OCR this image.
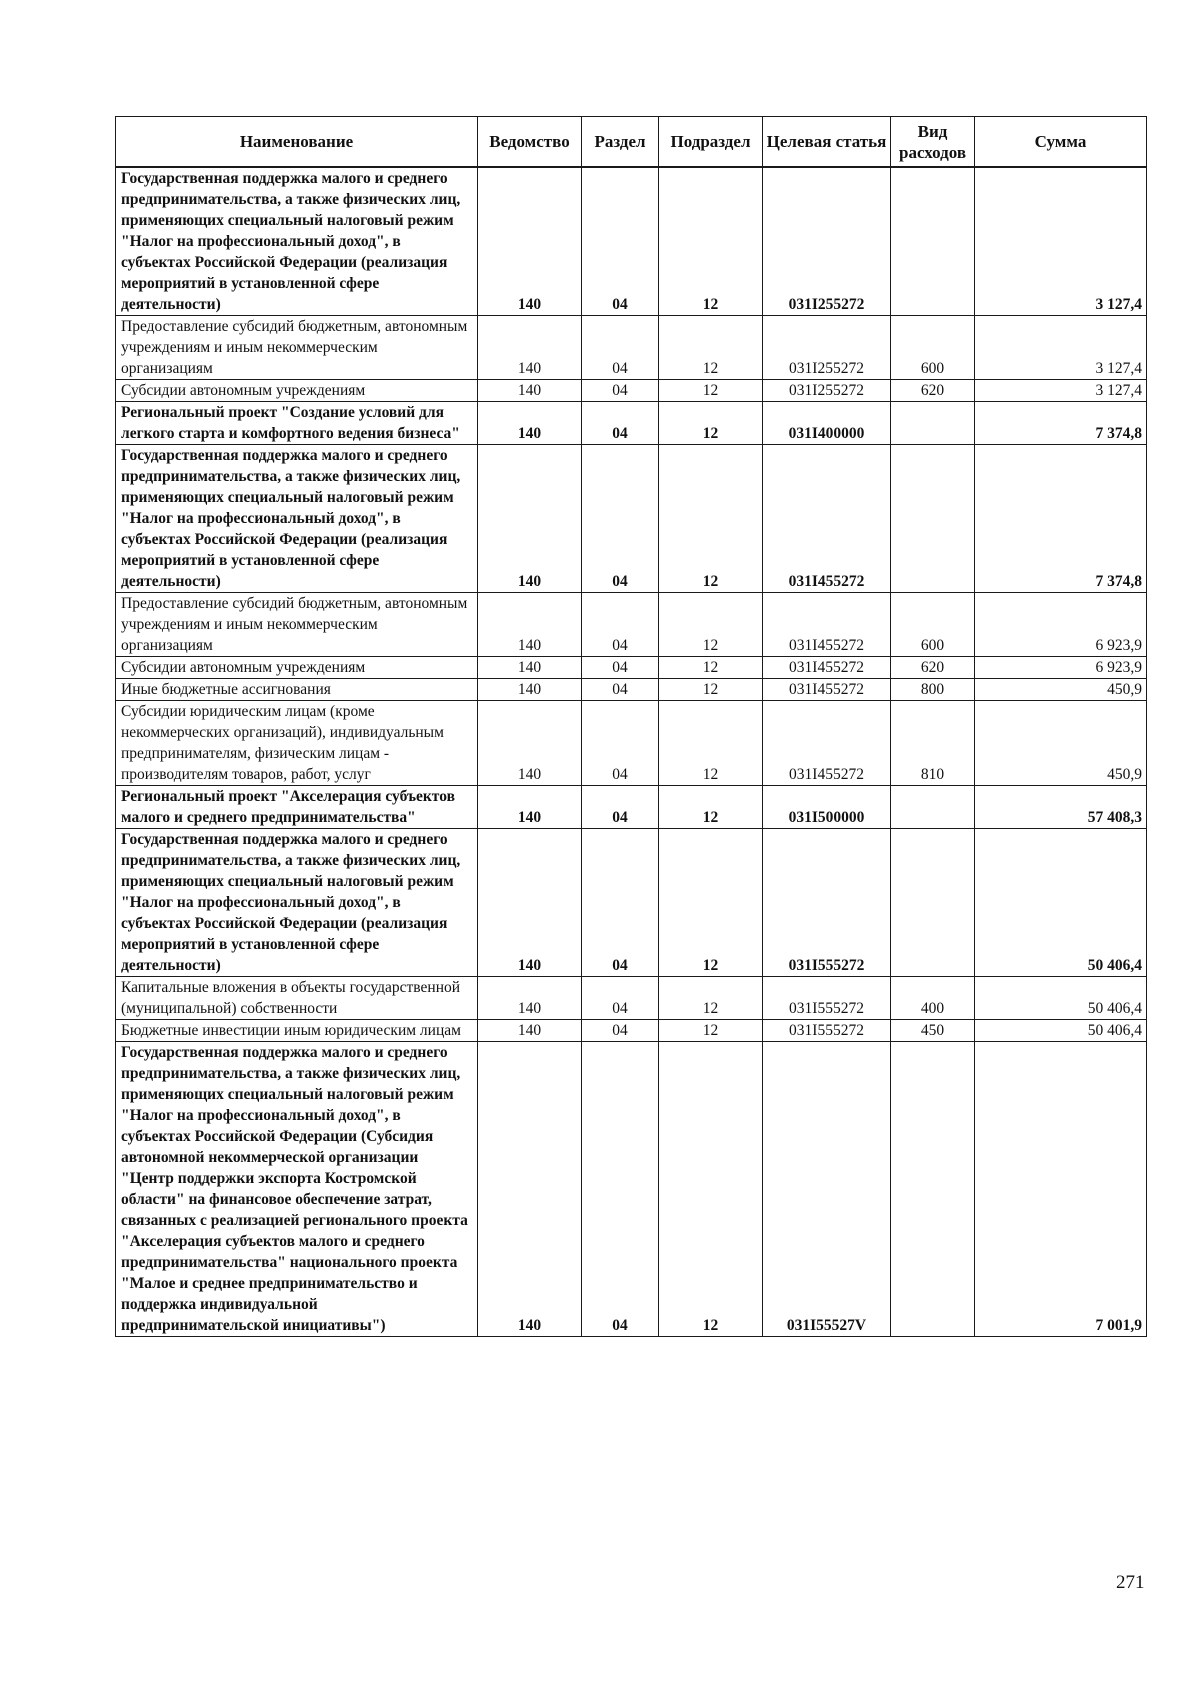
Наименование	Ведомство	Раздел	Подраздел	Целевая статья	Вид расходов	Сумма
Государственная поддержка малого и среднего предпринимательства, а также физических лиц, применяющих специальный налоговый режим "Налог на профессиональный доход", в субъектах Российской Федерации (реализация мероприятий в установленной сфере деятельности)	140	04	12	031I255272		3 127,4
Предоставление субсидий бюджетным, автономным учреждениям и иным некоммерческим организациям	140	04	12	031I255272	600	3 127,4
Субсидии автономным учреждениям	140	04	12	031I255272	620	3 127,4
Региональный проект "Создание условий для легкого старта и комфортного ведения бизнеса"	140	04	12	031I400000		7 374,8
Государственная поддержка малого и среднего предпринимательства, а также физических лиц, применяющих специальный налоговый режим "Налог на профессиональный доход", в субъектах Российской Федерации (реализация мероприятий в установленной сфере деятельности)	140	04	12	031I455272		7 374,8
Предоставление субсидий бюджетным, автономным учреждениям и иным некоммерческим организациям	140	04	12	031I455272	600	6 923,9
Субсидии автономным учреждениям	140	04	12	031I455272	620	6 923,9
Иные бюджетные ассигнования	140	04	12	031I455272	800	450,9
Субсидии юридическим лицам (кроме некоммерческих организаций), индивидуальным предпринимателям, физическим лицам - производителям товаров, работ, услуг	140	04	12	031I455272	810	450,9
Региональный проект "Акселерация субъектов малого и среднего предпринимательства"	140	04	12	031I500000		57 408,3
Государственная поддержка малого и среднего предпринимательства, а также физических лиц, применяющих специальный налоговый режим "Налог на профессиональный доход", в субъектах Российской Федерации (реализация мероприятий в установленной сфере деятельности)	140	04	12	031I555272		50 406,4
Капитальные вложения в объекты государственной (муниципальной) собственности	140	04	12	031I555272	400	50 406,4
Бюджетные инвестиции иным юридическим лицам	140	04	12	031I555272	450	50 406,4
Государственная поддержка малого и среднего предпринимательства, а также физических лиц, применяющих специальный налоговый режим "Налог на профессиональный доход", в субъектах Российской Федерации (Субсидия автономной некоммерческой организации "Центр поддержки экспорта Костромской области" на финансовое обеспечение затрат, связанных с реализацией регионального проекта "Акселерация субъектов малого и среднего предпринимательства" национального проекта "Малое и среднее предпринимательство и поддержка индивидуальной предпринимательской инициативы")	140	04	12	031I55527V		7 001,9
271
